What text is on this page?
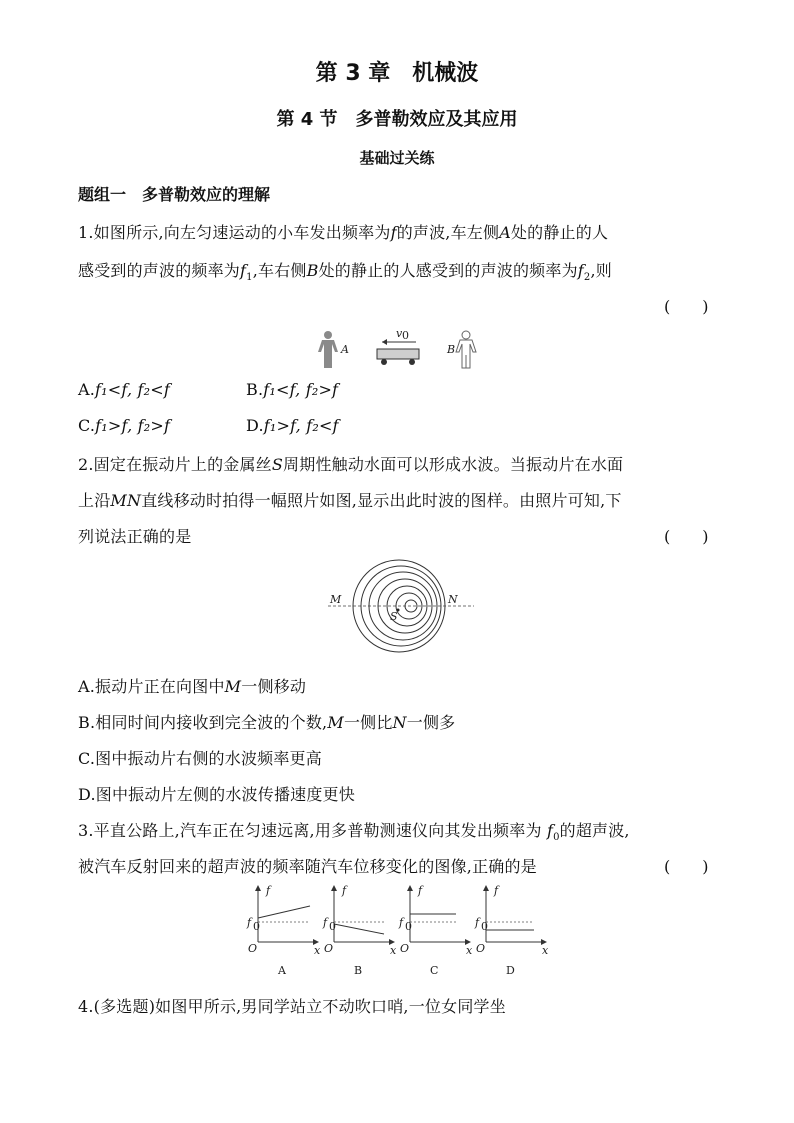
第 3 章　机械波
第 4 节　多普勒效应及其应用
基础过关练
题组一　多普勒效应的理解
1.如图所示,向左匀速运动的小车发出频率为f的声波,车左侧A处的静止的人
感受到的声波的频率为$f_1$,车右侧B处的静止的人感受到的声波的频率为$f_2$,则
(　　)
A
v 0
B
A.f₁<f, f₂<f	B.f₁<f, f₂>f
C.f₁>f, f₂>f	D.f₁>f, f₂<f
2.固定在振动片上的金属丝S周期性触动水面可以形成水波。当振动片在水面
上沿MN直线移动时拍得一幅照片如图,显示出此时波的图样。由照片可知,下
列说法正确的是	(　　)
M	N
S
A.振动片正在向图中M一侧移动
B.相同时间内接收到完全波的个数,M一侧比N一侧多
C.图中振动片右侧的水波频率更高
D.图中振动片左侧的水波传播速度更快
3.平直公路上,汽车正在匀速远离,用多普勒测速仪向其发出频率为 $f_0$的超声波,
被汽车反射回来的超声波的频率随汽车位移变化的图像,正确的是	(　　)
f
f 0
O	x
A
f
f 0
O	x
B
f
f 0
O	x
C
f
f 0
O	x
D
4.(多选题)如图甲所示,男同学站立不动吹口哨,一位女同学坐
